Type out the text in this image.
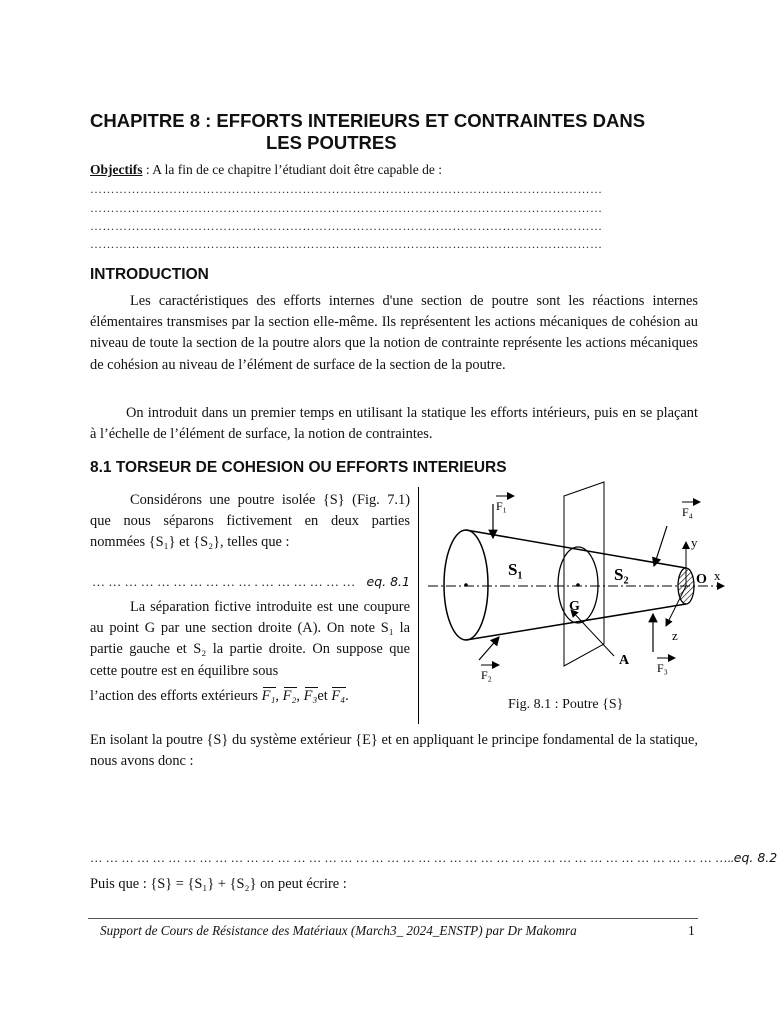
CHAPITRE 8 : EFFORTS INTERIEURS ET CONTRAINTES DANS
LES POUTRES
Objectifs : A la fin de ce chapitre l’étudiant doit être capable de :
……………………………………………………………………………………………………………
……………………………………………………………………………………………………………
……………………………………………………………………………………………………………
……………………………………………………………………………………………………………
INTRODUCTION
Les caractéristiques des efforts internes d'une section de poutre sont les réactions internes élémentaires transmises par la section elle-même. Ils représentent les actions mécaniques de cohésion au niveau de toute la section de la poutre alors que la notion de contrainte représente les actions mécaniques de cohésion au niveau de l’élément de surface de la section de la poutre.
On introduit dans un premier temps en utilisant la statique les efforts intérieurs, puis en se plaçant à l’échelle de l’élément de surface, la notion de contraintes.
8.1 TORSEUR DE COHESION OU EFFORTS INTERIEURS
Considérons une poutre isolée {S} (Fig. 7.1) que nous séparons fictivement en deux parties nommées {S₁} et {S₂}, telles que :
… … … … … … … … … … . … … … … … … eq. 8.1
La séparation fictive introduite est une coupure au point G par une section droite (A). On note S₁ la partie gauche et S₂ la partie droite. On suppose que cette poutre est en équilibre sous
l’action des efforts extérieurs F₁, F₂, F₃et F₄.
S₁	S₂
G
A
O x
y
z
F₁
F₂	F₃
F₄
Fig. 8.1 : Poutre {S}
En isolant la poutre {S} du système extérieur {E} et en appliquant le principe fondamental de la statique, nous avons donc :
… … … … … … … … … … … … … … … … … … … … … … … … … … … … … … … … … … … … … … … … …..eq. 8.2
Puis que : {S} = {S₁} + {S₂} on peut écrire :
Support de Cours de Résistance des Matériaux (March3_ 2024_ENSTP) par Dr Makomra	1
